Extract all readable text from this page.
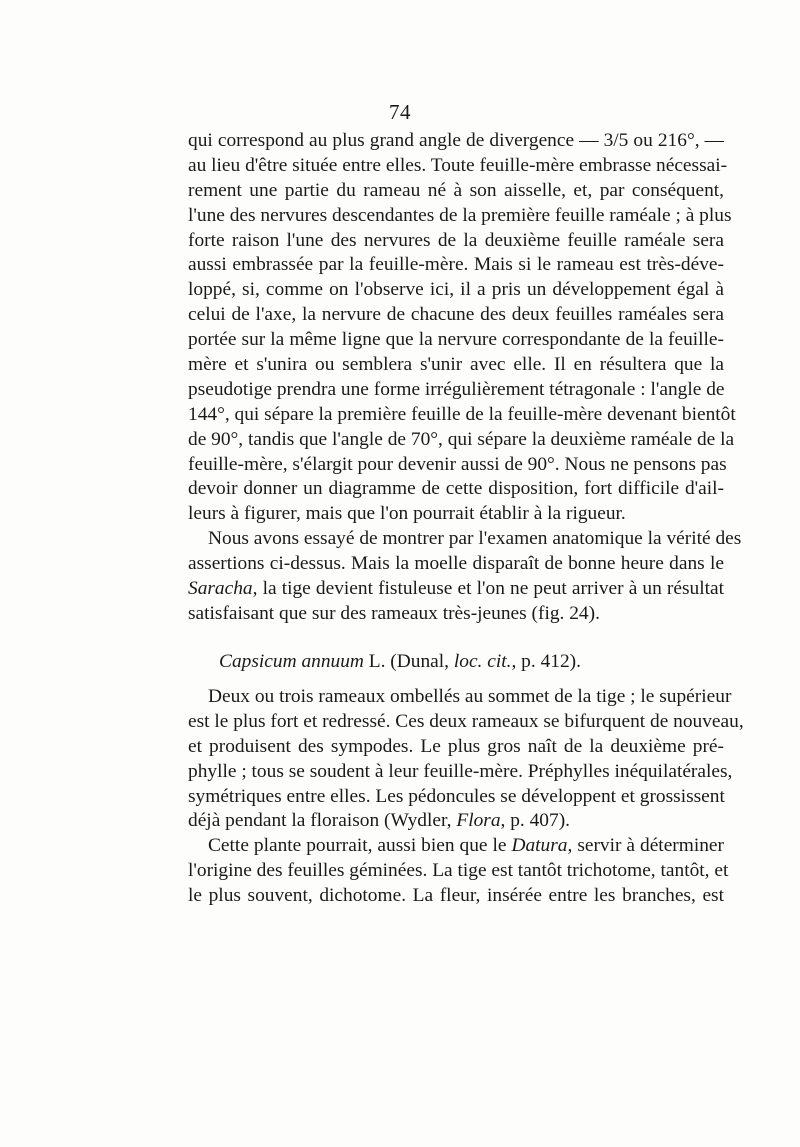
74
qui correspond au plus grand angle de divergence — 3/5 ou 216°, —
au lieu d'être située entre elles. Toute feuille-mère embrasse nécessai-
rement une partie du rameau né à son aisselle, et, par conséquent,
l'une des nervures descendantes de la première feuille raméale ; à plus
forte raison l'une des nervures de la deuxième feuille raméale sera
aussi embrassée par la feuille-mère. Mais si le rameau est très-déve-
loppé, si, comme on l'observe ici, il a pris un développement égal à
celui de l'axe, la nervure de chacune des deux feuilles raméales sera
portée sur la même ligne que la nervure correspondante de la feuille-
mère et s'unira ou semblera s'unir avec elle. Il en résultera que la
pseudotige prendra une forme irrégulièrement tétragonale : l'angle de
144°, qui sépare la première feuille de la feuille-mère devenant bientôt
de 90°, tandis que l'angle de 70°, qui sépare la deuxième raméale de la
feuille-mère, s'élargit pour devenir aussi de 90°. Nous ne pensons pas
devoir donner un diagramme de cette disposition, fort difficile d'ail-
leurs à figurer, mais que l'on pourrait établir à la rigueur.
Nous avons essayé de montrer par l'examen anatomique la vérité des
assertions ci-dessus. Mais la moelle disparaît de bonne heure dans le
Saracha, la tige devient fistuleuse et l'on ne peut arriver à un résultat
satisfaisant que sur des rameaux très-jeunes (fig. 24).
Capsicum annuum L. (Dunal, loc. cit., p. 412).
Deux ou trois rameaux ombellés au sommet de la tige ; le supérieur
est le plus fort et redressé. Ces deux rameaux se bifurquent de nouveau,
et produisent des sympodes. Le plus gros naît de la deuxième pré-
phylle ; tous se soudent à leur feuille-mère. Préphylles inéquilatérales,
symétriques entre elles. Les pédoncules se développent et grossissent
déjà pendant la floraison (Wydler, Flora, p. 407).
Cette plante pourrait, aussi bien que le Datura, servir à déterminer
l'origine des feuilles géminées. La tige est tantôt trichotome, tantôt, et
le plus souvent, dichotome. La fleur, insérée entre les branches, est
